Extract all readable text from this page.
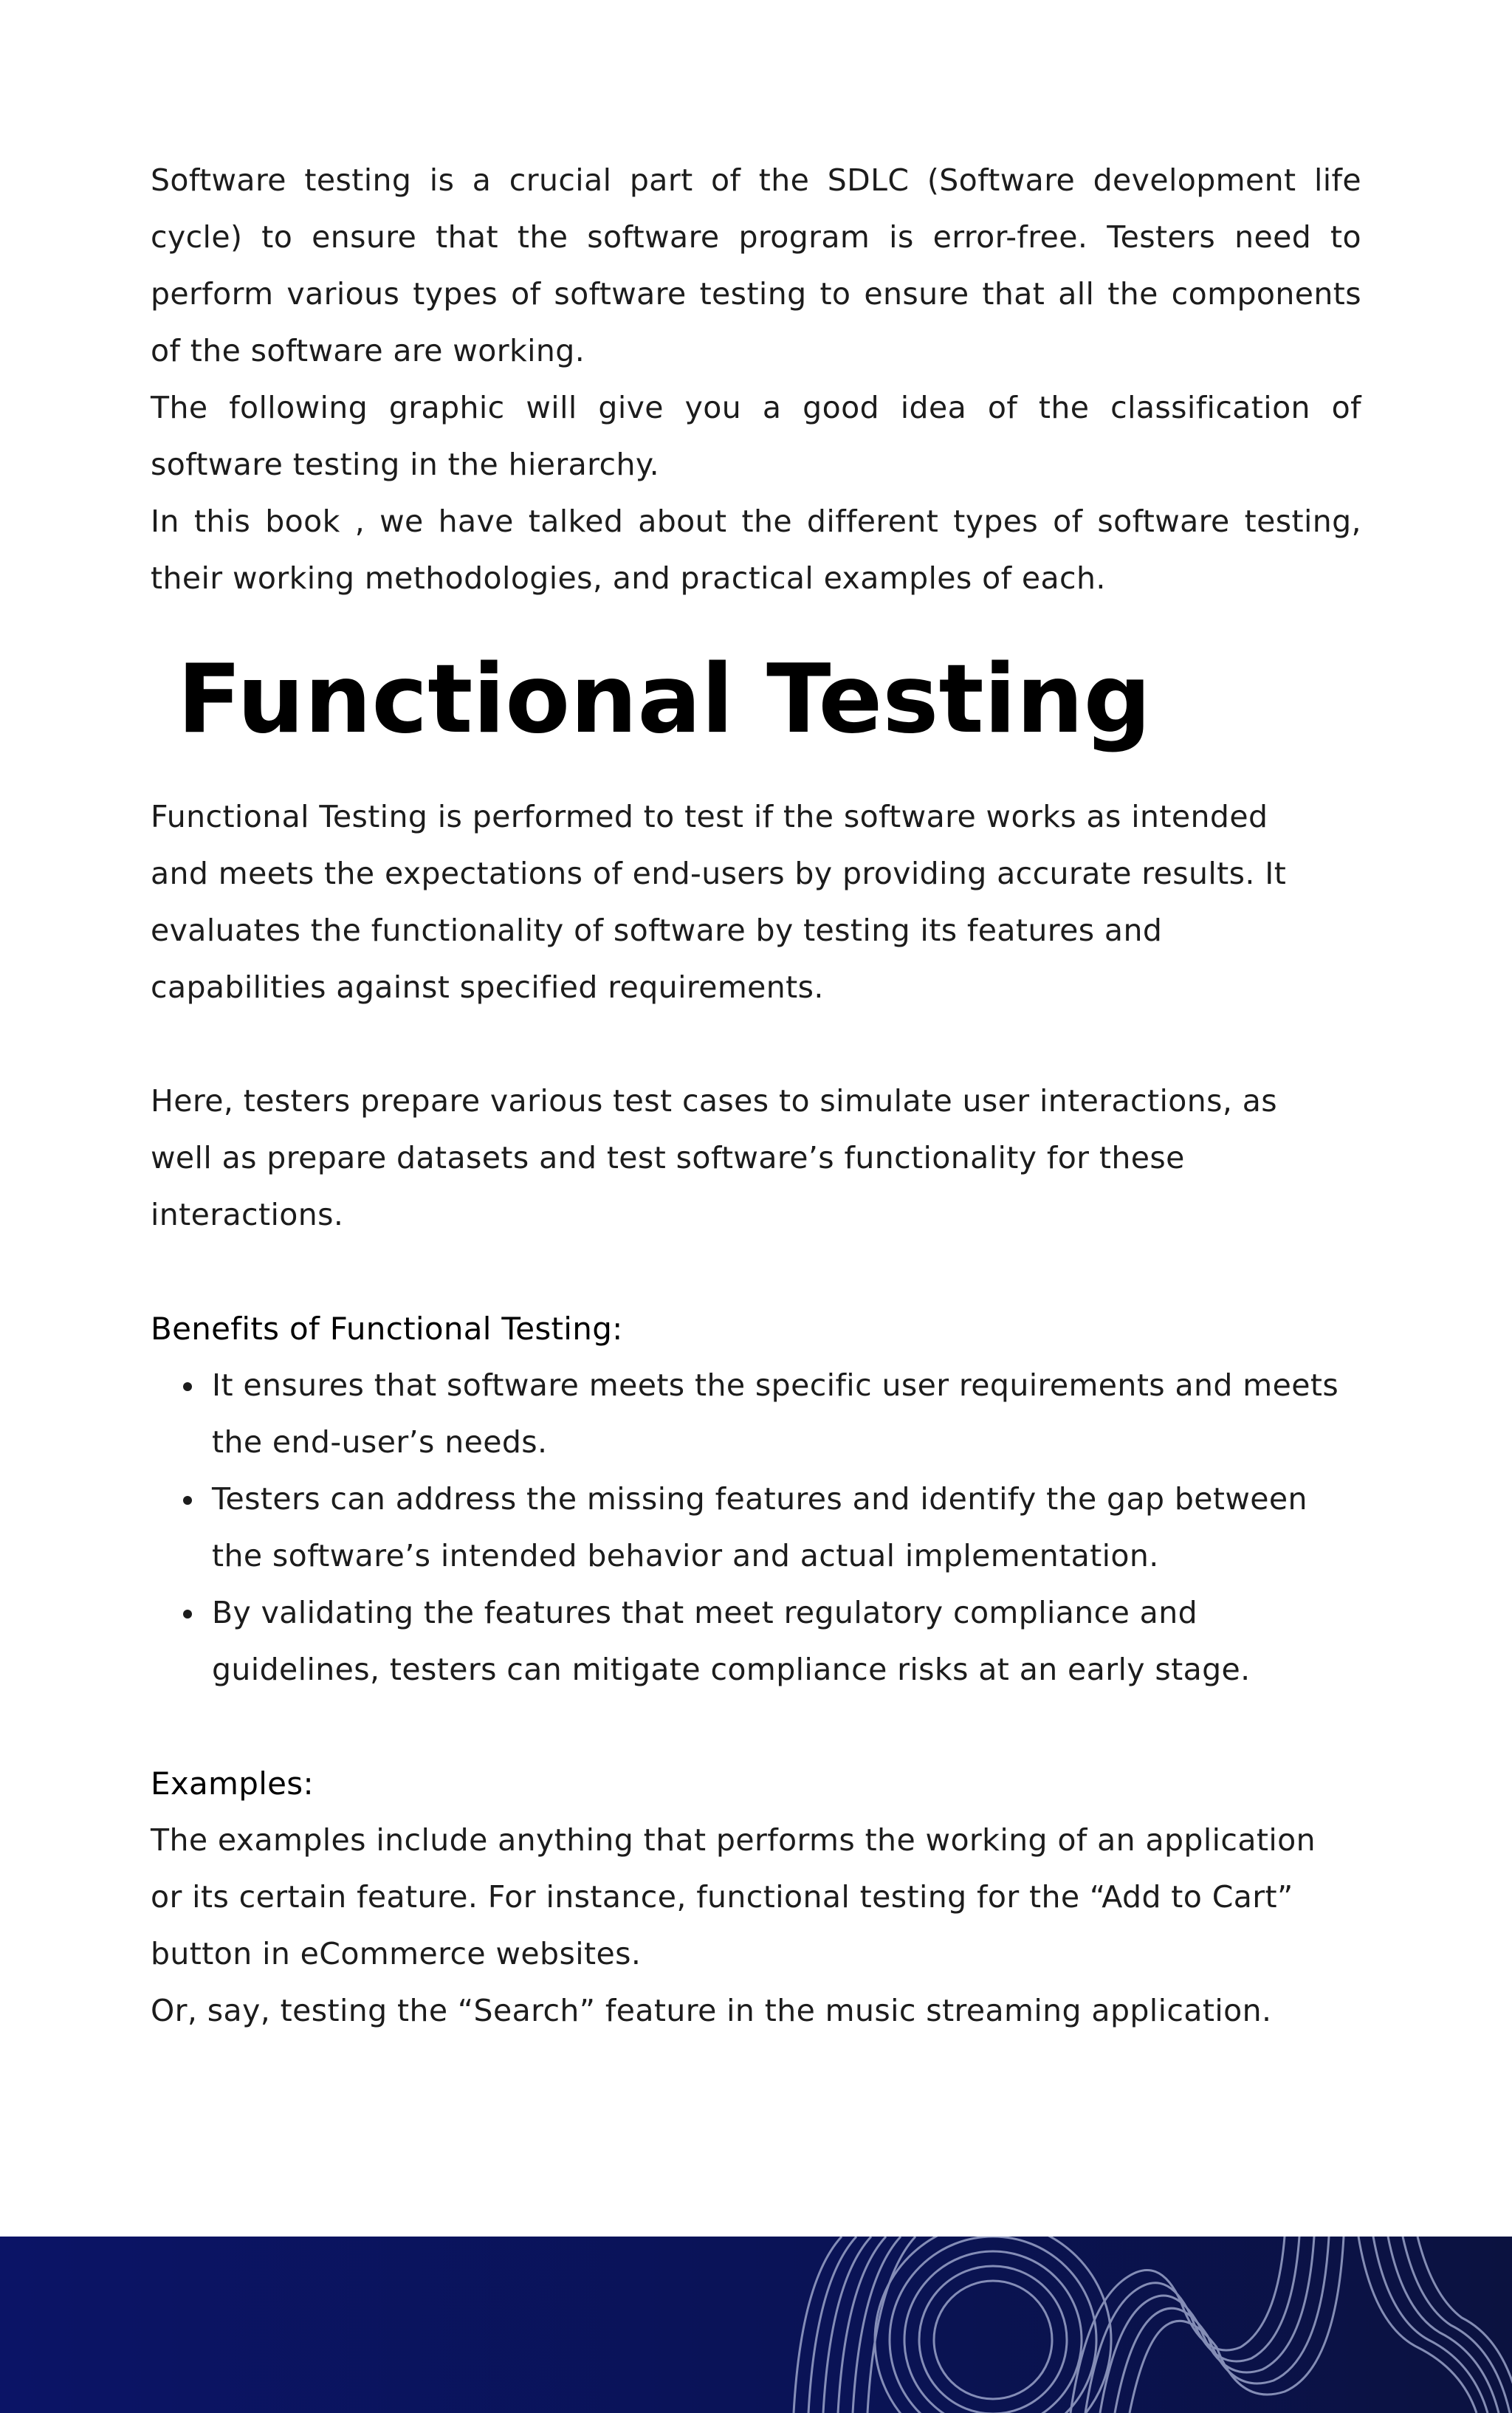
Software testing is a crucial part of the SDLC (Software development life cycle) to ensure that the software program is error-free. Testers need to perform various types of software testing to ensure that all the components of the software are working.

The following graphic will give you a good idea of the classification of software testing in the hierarchy.

In this book , we have talked about the different types of software testing, their working methodologies, and practical examples of each.

Functional Testing

Functional Testing is performed to test if the software works as intended

and meets the expectations of end-users by providing accurate results. It

evaluates the functionality of software by testing its features and

capabilities against specified requirements.

Here, testers prepare various test cases to simulate user interactions, as

well as prepare datasets and test software’s functionality for these

interactions.

Benefits of Functional Testing:

It ensures that software meets the specific user requirements and meets
the end-user’s needs.
Testers can address the missing features and identify the gap between
the software’s intended behavior and actual implementation.
By validating the features that meet regulatory compliance and
guidelines, testers can mitigate compliance risks at an early stage.

Examples:

The examples include anything that performs the working of an application

or its certain feature. For instance, functional testing for the “Add to Cart”

button in eCommerce websites.

Or, say, testing the “Search” feature in the music streaming application.
